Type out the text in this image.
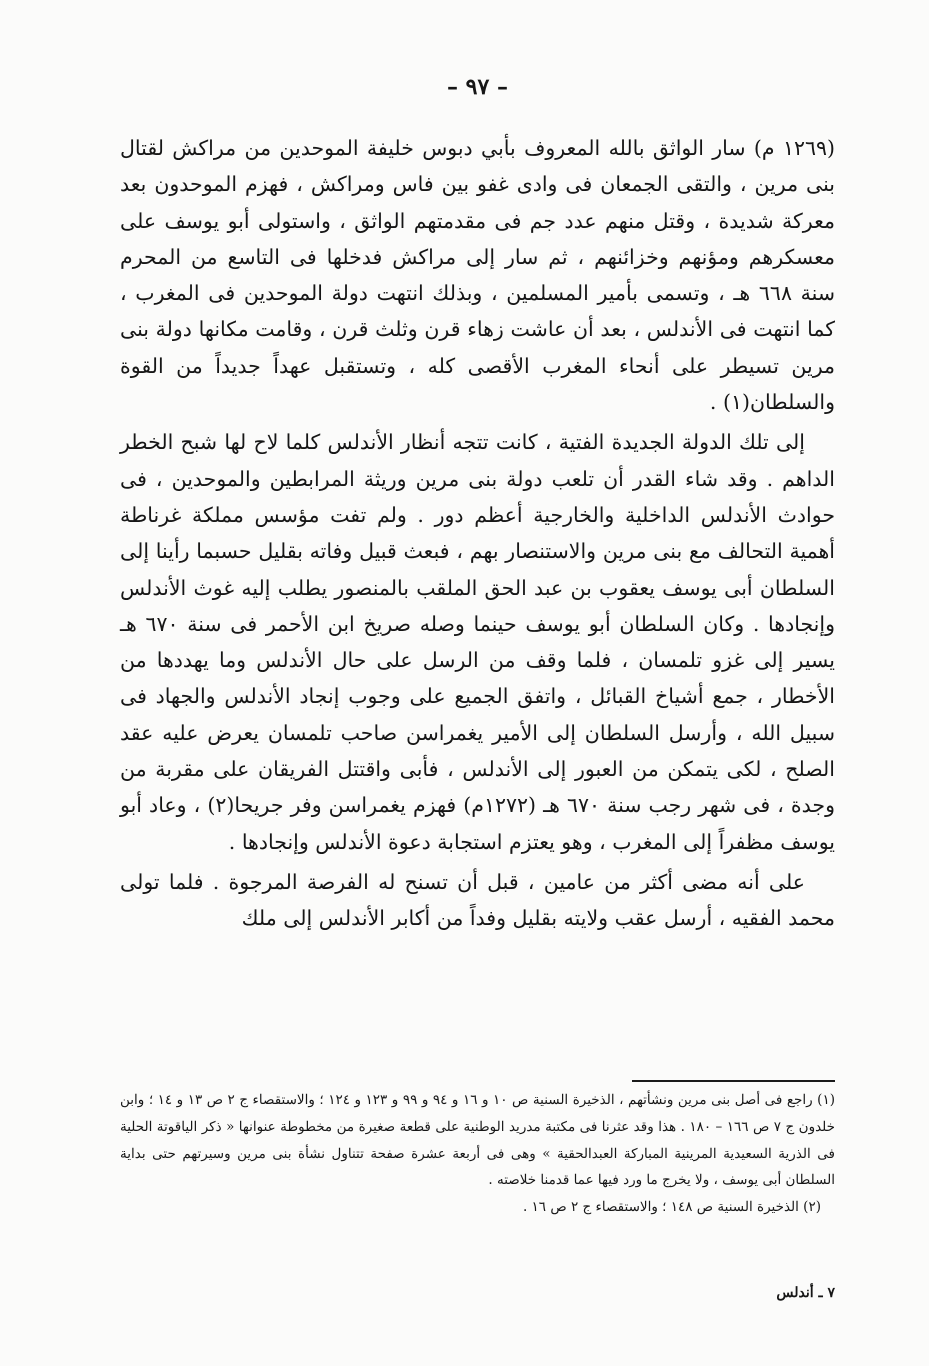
– ٩٧ –

(١٢٦٩ م) سار الواثق بالله المعروف بأبي دبوس خليفة الموحدين من مراكش لقتال بنى مرين ، والتقى الجمعان فى وادى غفو بين فاس ومراكش ، فهزم الموحدون بعد معركة شديدة ، وقتل منهم عدد جم فى مقدمتهم الواثق ، واستولى أبو يوسف على معسكرهم ومؤنهم وخزائنهم ، ثم سار إلى مراكش فدخلها فى التاسع من المحرم سنة ٦٦٨ هـ ، وتسمى بأمير المسلمين ، وبذلك انتهت دولة الموحدين فى المغرب ، كما انتهت فى الأندلس ، بعد أن عاشت زهاء قرن وثلث قرن ، وقامت مكانها دولة بنى مرين تسيطر على أنحاء المغرب الأقصى كله ، وتستقبل عهداً جديداً من القوة والسلطان(١) .

إلى تلك الدولة الجديدة الفتية ، كانت تتجه أنظار الأندلس كلما لاح لها شبح الخطر الداهم . وقد شاء القدر أن تلعب دولة بنى مرين وريثة المرابطين والموحدين ، فى حوادث الأندلس الداخلية والخارجية أعظم دور . ولم تفت مؤسس مملكة غرناطة أهمية التحالف مع بنى مرين والاستنصار بهم ، فبعث قبيل وفاته بقليل حسبما رأينا إلى السلطان أبى يوسف يعقوب بن عبد الحق الملقب بالمنصور يطلب إليه غوث الأندلس وإنجادها . وكان السلطان أبو يوسف حينما وصله صريخ ابن الأحمر فى سنة ٦٧٠ هـ يسير إلى غزو تلمسان ، فلما وقف من الرسل على حال الأندلس وما يهددها من الأخطار ، جمع أشياخ القبائل ، واتفق الجميع على وجوب إنجاد الأندلس والجهاد فى سبيل الله ، وأرسل السلطان إلى الأمير يغمراسن صاحب تلمسان يعرض عليه عقد الصلح ، لكى يتمكن من العبور إلى الأندلس ، فأبى واقتتل الفريقان على مقربة من وجدة ، فى شهر رجب سنة ٦٧٠ هـ (١٢٧٢م) فهزم يغمراسن وفر جريحا(٢) ، وعاد أبو يوسف مظفراً إلى المغرب ، وهو يعتزم استجابة دعوة الأندلس وإنجادها .

على أنه مضى أكثر من عامين ، قبل أن تسنح له الفرصة المرجوة . فلما تولى محمد الفقيه ، أرسل عقب ولايته بقليل وفداً من أكابر الأندلس إلى ملك

(١) راجع فى أصل بنى مرين ونشأتهم ، الذخيرة السنية ص ١٠ و ١٦ و ٩٤ و ٩٩ و ١٢٣ و ١٢٤ ؛ والاستقصاء ج ٢ ص ١٣ و ١٤ ؛ وابن خلدون ج ٧ ص ١٦٦ – ١٨٠ . هذا وقد عثرنا فى مكتبة مدريد الوطنية على قطعة صغيرة من مخطوطة عنوانها « ذكر الياقوتة الحلية فى الذرية السعيدية المرينية المباركة العبدالحقية » وهى فى أربعة عشرة صفحة تتناول نشأة بنى مرين وسيرتهم حتى بداية السلطان أبى يوسف ، ولا يخرج ما ورد فيها عما قدمنا خلاصته .

(٢) الذخيرة السنية ص ١٤٨ ؛ والاستقصاء ج ٢ ص ١٦ .

٧ ـ أندلس
